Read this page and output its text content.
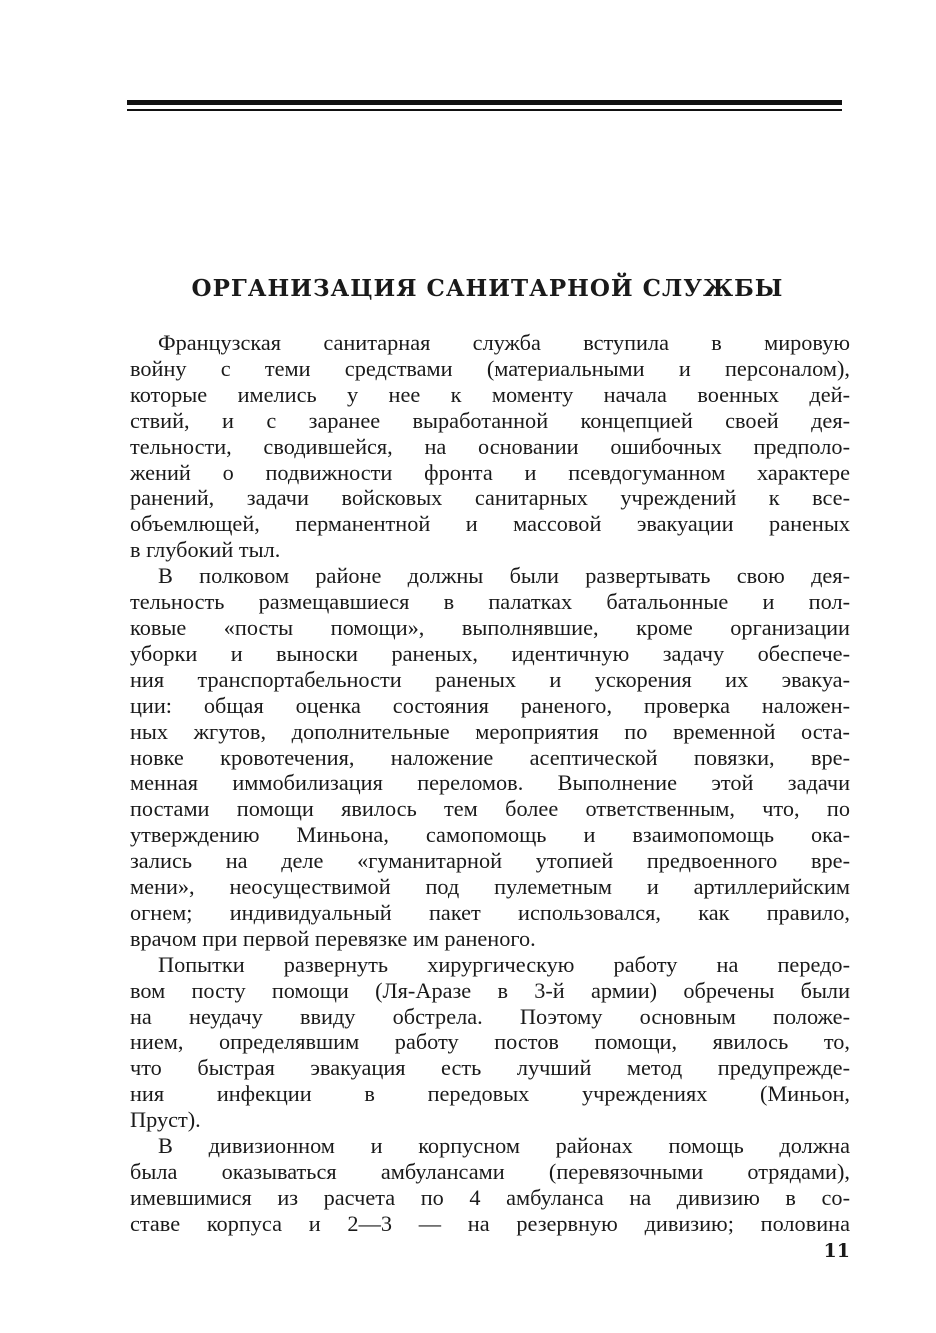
ОРГАНИЗАЦИЯ САНИТАРНОЙ СЛУЖБЫ

Французская санитарная служба вступила в мировую
войну с теми средствами (материальными и персоналом),
которые имелись у нее к моменту начала военных дей-
ствий, и с заранее выработанной концепцией своей дея-
тельности, сводившейся, на основании ошибочных предполо-
жений о подвижности фронта и псевдогуманном характере
ранений, задачи войсковых санитарных учреждений к все-
объемлющей, перманентной и массовой эвакуации раненых
в глубокий тыл.

В полковом районе должны были развертывать свою дея-
тельность размещавшиеся в палатках батальонные и пол-
ковые «посты помощи», выполнявшие, кроме организации
уборки и выноски раненых, идентичную задачу обеспече-
ния транспортабельности раненых и ускорения их эвакуа-
ции: общая оценка состояния раненого, проверка наложен-
ных жгутов, дополнительные мероприятия по временной оста-
новке кровотечения, наложение асептической повязки, вре-
менная иммобилизация переломов. Выполнение этой задачи
постами помощи явилось тем более ответственным, что, по
утверждению Миньона, самопомощь и взаимопомощь ока-
зались на деле «гуманитарной утопией предвоенного вре-
мени», неосуществимой под пулеметным и артиллерийским
огнем; индивидуальный пакет использовался, как правило,
врачом при первой перевязке им раненого.

Попытки развернуть хирургическую работу на передо-
вом посту помощи (Ля-Аразе в 3-й армии) обречены были
на неудачу ввиду обстрела. Поэтому основным положе-
нием, определявшим работу постов помощи, явилось то,
что быстрая эвакуация есть лучший метод предупрежде-
ния инфекции в передовых учреждениях (Миньон,
Пруст).

В дивизионном и корпусном районах помощь должна
была оказываться амбулансами (перевязочными отрядами),
имевшимися из расчета по 4 амбуланса на дивизию в со-
ставе корпуса и 2—3 — на резервную дивизию; половина

11
